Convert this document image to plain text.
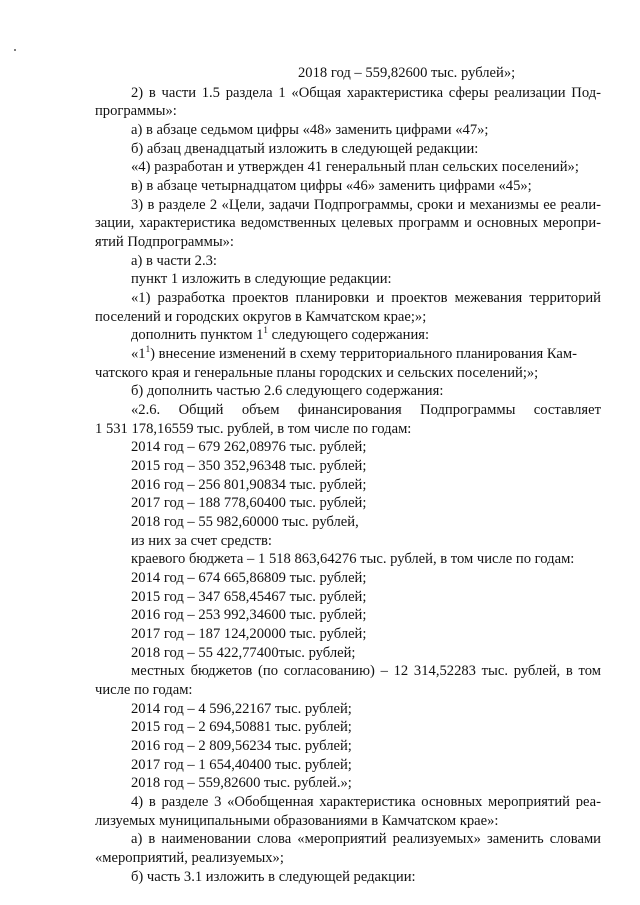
2018 год – 559,82600 тыс. рублей»;
2) в части 1.5 раздела 1 «Общая характеристика сферы реализации Под-
программы»:
а) в абзаце седьмом цифры «48» заменить цифрами «47»;
б) абзац двенадцатый изложить в следующей редакции:
«4) разработан и утвержден 41 генеральный план сельских поселений»;
в) в абзаце четырнадцатом цифры «46» заменить цифрами «45»;
3) в разделе 2 «Цели, задачи Подпрограммы, сроки и механизмы ее реали-
зации, характеристика ведомственных целевых программ и основных меропри-
ятий Подпрограммы»:
а) в части 2.3:
пункт 1 изложить в следующие редакции:
«1) разработка проектов планировки и проектов межевания территорий
поселений и городских округов в Камчатском крае;»;
дополнить пунктом $1^1$ следующего содержания:
«$1^1$) внесение изменений в схему территориального планирования Кам-
чатского края и генеральные планы городских и сельских поселений;»;
б) дополнить частью 2.6 следующего содержания:
«2.6. Общий объем финансирования Подпрограммы составляет
1 531 178,16559 тыс. рублей, в том числе по годам:
2014 год – 679 262,08976 тыс. рублей;
2015 год – 350 352,96348 тыс. рублей;
2016 год – 256 801,90834 тыс. рублей;
2017 год – 188 778,60400 тыс. рублей;
2018 год – 55 982,60000 тыс. рублей,
из них за счет средств:
краевого бюджета – 1 518 863,64276 тыс. рублей, в том числе по годам:
2014 год – 674 665,86809 тыс. рублей;
2015 год – 347 658,45467 тыс. рублей;
2016 год – 253 992,34600 тыс. рублей;
2017 год – 187 124,20000 тыс. рублей;
2018 год – 55 422,77400тыс. рублей;
местных бюджетов (по согласованию) – 12 314,52283 тыс. рублей, в том
числе по годам:
2014 год – 4 596,22167 тыс. рублей;
2015 год – 2 694,50881 тыс. рублей;
2016 год – 2 809,56234 тыс. рублей;
2017 год – 1 654,40400 тыс. рублей;
2018 год – 559,82600 тыс. рублей.»;
4) в разделе 3 «Обобщенная характеристика основных мероприятий реа-
лизуемых муниципальными образованиями в Камчатском крае»:
а) в наименовании слова «мероприятий реализуемых» заменить словами
«мероприятий, реализуемых»;
б) часть 3.1 изложить в следующей редакции:
